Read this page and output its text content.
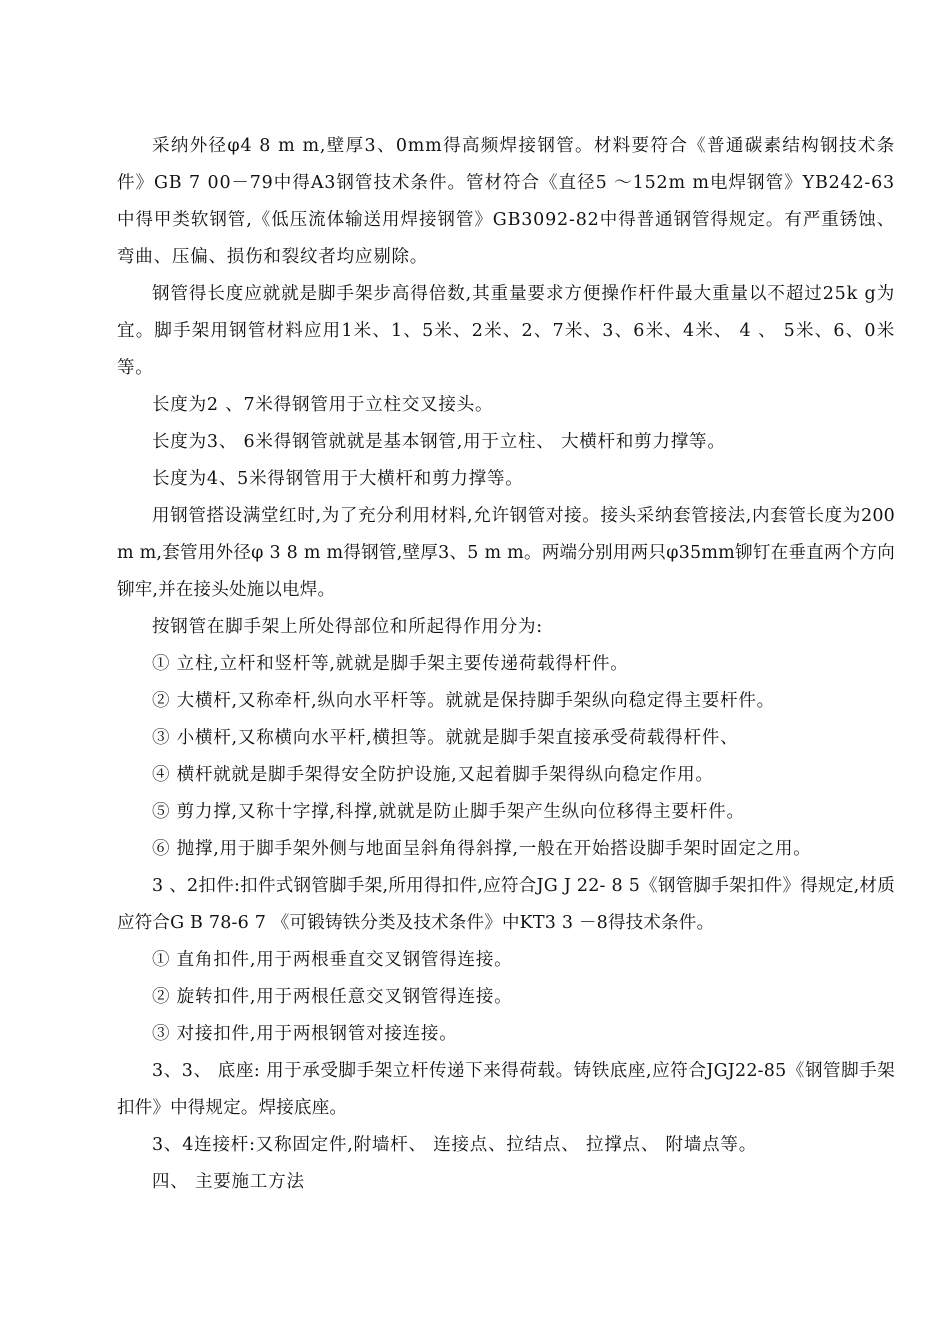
采纳外径φ4 8 m m,壁厚3、0mm得高频焊接钢管。材料要符合《普通碳素结构钢技术条件》GB 7 00－79中得A3钢管技术条件。管材符合《直径5 ～152m m电焊钢管》YB242-63中得甲类软钢管,《低压流体输送用焊接钢管》GB3092-82中得普通钢管得规定。有严重锈蚀、弯曲、压偏、损伤和裂纹者均应剔除。

钢管得长度应就就是脚手架步高得倍数,其重量要求方便操作杆件最大重量以不超过25k g为宜。脚手架用钢管材料应用1米、1、5米、2米、2、7米、3、6米、4米、 4 、 5米、6、0米等。

长度为2 、7米得钢管用于立柱交叉接头。

长度为3、 6米得钢管就就是基本钢管,用于立柱、 大横杆和剪力撑等。

长度为4、5米得钢管用于大横杆和剪力撑等。

用钢管搭设满堂红时,为了充分利用材料,允许钢管对接。接头采纳套管接法,内套管长度为200 m m,套管用外径φ 3 8 m m得钢管,壁厚3、5 m m。两端分别用两只φ35mm铆钉在垂直两个方向铆牢,并在接头处施以电焊。

按钢管在脚手架上所处得部位和所起得作用分为:

① 立柱,立杆和竖杆等,就就是脚手架主要传递荷载得杆件。

② 大横杆,又称牵杆,纵向水平杆等。就就是保持脚手架纵向稳定得主要杆件。

③ 小横杆,又称横向水平杆,横担等。就就是脚手架直接承受荷载得杆件、

④ 横杆就就是脚手架得安全防护设施,又起着脚手架得纵向稳定作用。

⑤ 剪力撑,又称十字撑,科撑,就就是防止脚手架产生纵向位移得主要杆件。

⑥ 抛撑,用于脚手架外侧与地面呈斜角得斜撑,一般在开始搭设脚手架时固定之用。

3 、2扣件:扣件式钢管脚手架,所用得扣件,应符合JG J 22- 8 5《钢管脚手架扣件》得规定,材质应符合G B 78-6 7 《可锻铸铁分类及技术条件》中KT3 3 －8得技术条件。

① 直角扣件,用于两根垂直交叉钢管得连接。

② 旋转扣件,用于两根任意交叉钢管得连接。

③ 对接扣件,用于两根钢管对接连接。

3、3、 底座: 用于承受脚手架立杆传递下来得荷载。铸铁底座,应符合JGJ22-85《钢管脚手架扣件》中得规定。焊接底座。

3、4连接杆:又称固定件,附墙杆、 连接点、拉结点、 拉撑点、 附墙点等。

四、 主要施工方法
